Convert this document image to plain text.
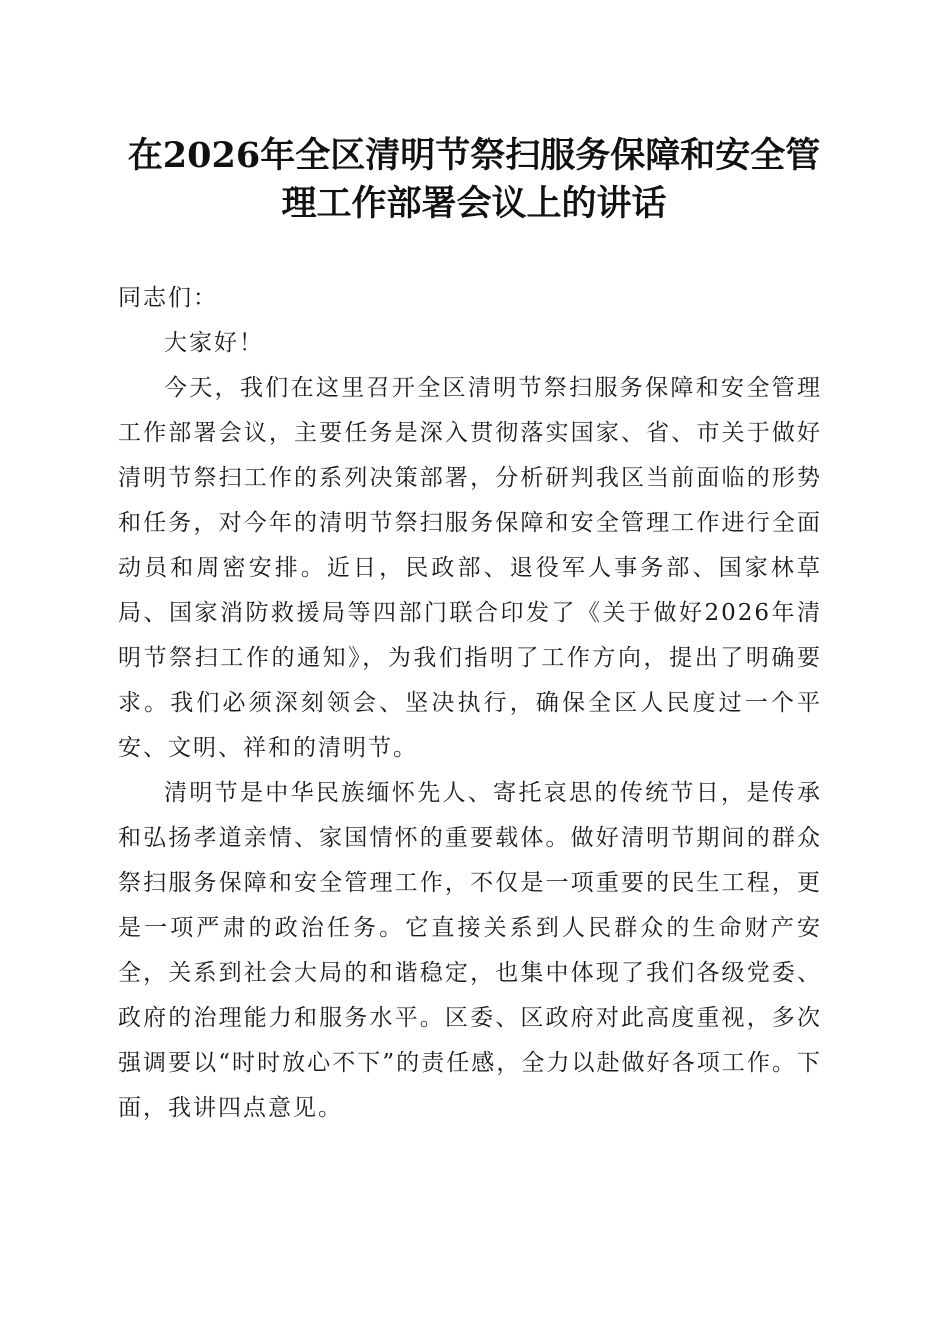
在2026年全区清明节祭扫服务保障和安全管
理工作部署会议上的讲话

同志们：

大家好！

今天，我们在这里召开全区清明节祭扫服务保障和安全管理工作部署会议，主要任务是深入贯彻落实国家、省、市关于做好清明节祭扫工作的系列决策部署，分析研判我区当前面临的形势和任务，对今年的清明节祭扫服务保障和安全管理工作进行全面动员和周密安排。近日，民政部、退役军人事务部、国家林草局、国家消防救援局等四部门联合印发了《关于做好2026年清明节祭扫工作的通知》，为我们指明了工作方向，提出了明确要求。我们必须深刻领会、坚决执行，确保全区人民度过一个平安、文明、祥和的清明节。

清明节是中华民族缅怀先人、寄托哀思的传统节日，是传承和弘扬孝道亲情、家国情怀的重要载体。做好清明节期间的群众祭扫服务保障和安全管理工作，不仅是一项重要的民生工程，更是一项严肃的政治任务。它直接关系到人民群众的生命财产安全，关系到社会大局的和谐稳定，也集中体现了我们各级党委、政府的治理能力和服务水平。区委、区政府对此高度重视，多次强调要以“时时放心不下”的责任感，全力以赴做好各项工作。下面，我讲四点意见。
